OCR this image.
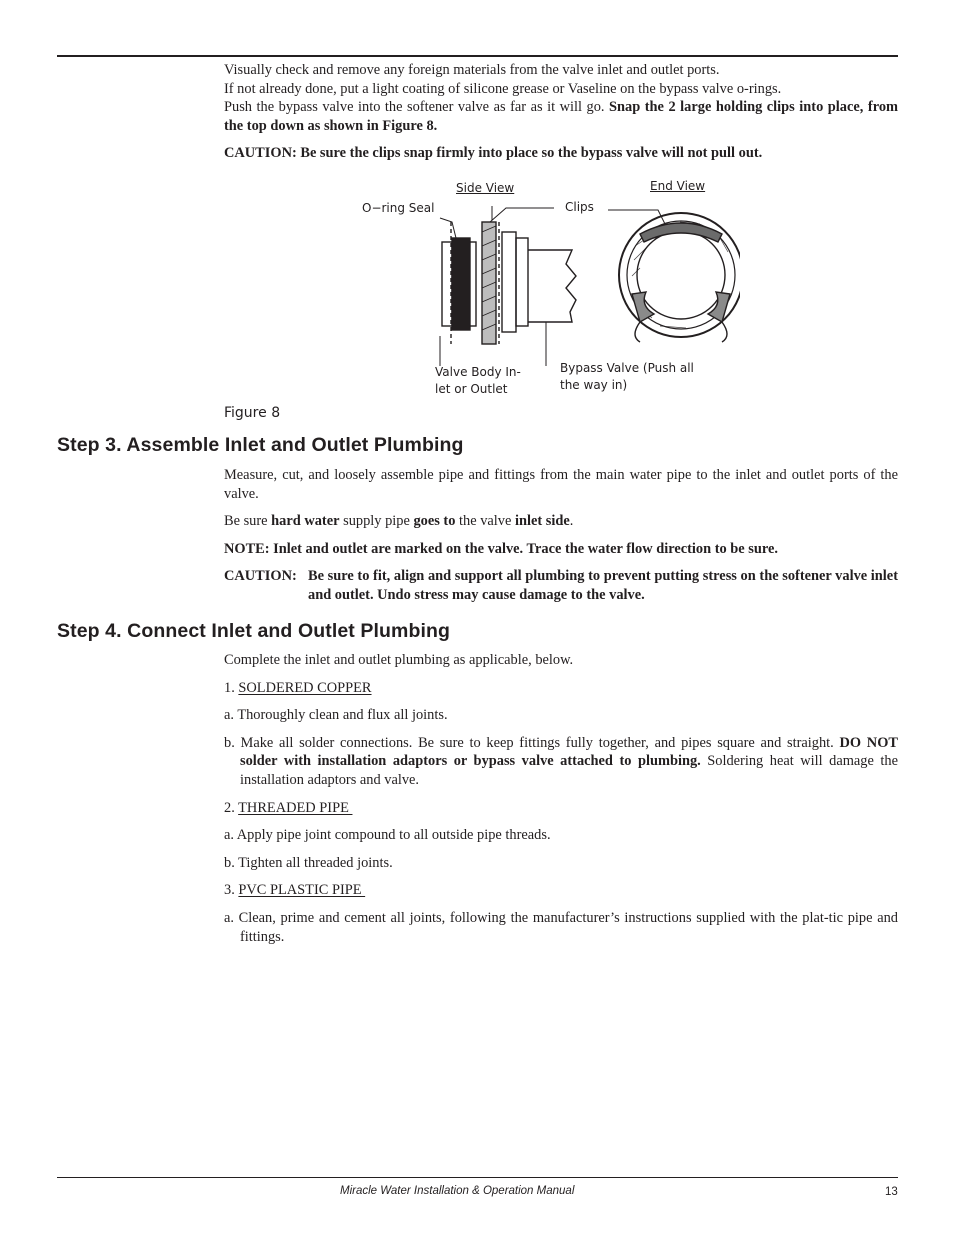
Visually check and remove any foreign materials from the valve inlet and outlet ports.

If not already done, put a light coating of silicone grease or Vaseline on the bypass valve o-rings.

Push the bypass valve into the softener valve as far as it will go. Snap the 2 large holding clips into place, from the top down as shown in Figure 8.

CAUTION: Be sure the clips snap firmly into place so the bypass valve will not pull out.

Side View	End View
O−ring Seal	Clips
Valve Body In-
let or Outlet
Bypass Valve (Push all
the way in)
Figure 8
Step 3. Assemble Inlet and Outlet Plumbing

Measure, cut, and loosely assemble pipe and fittings from the main water pipe to the inlet and outlet ports of the valve.

Be sure hard water supply pipe goes to the valve inlet side.

NOTE: Inlet and outlet are marked on the valve. Trace the water flow direction to be sure.

CAUTION: Be sure to fit, align and support all plumbing to prevent putting stress on the softener valve inlet and outlet. Undo stress may cause damage to the valve.

Step 4. Connect Inlet and Outlet Plumbing

Complete the inlet and outlet plumbing as applicable, below.

1. SOLDERED COPPER

a. Thoroughly clean and flux all joints.

b. Make all solder connections. Be sure to keep fittings fully together, and pipes square and straight. DO NOT solder with installation adaptors or bypass valve attached to plumbing. Soldering heat will damage the installation adaptors and valve.

2. THREADED PIPE

a. Apply pipe joint compound to all outside pipe threads.

b. Tighten all threaded joints.

3. PVC PLASTIC PIPE

a. Clean, prime and cement all joints, following the manufacturer’s instructions supplied with the plat-tic pipe and fittings.

Miracle Water Installation & Operation Manual	13
